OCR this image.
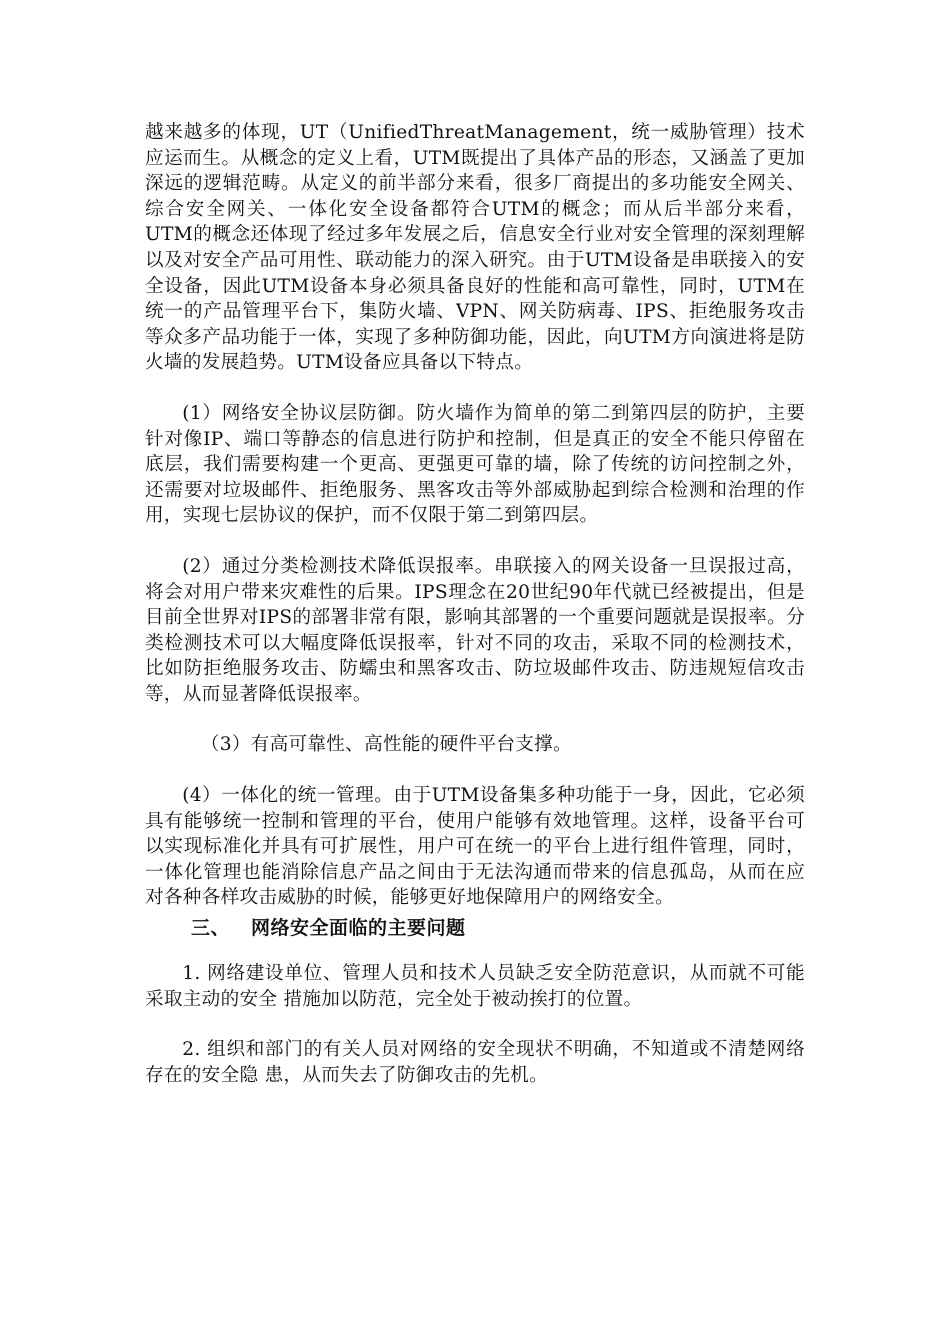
越来越多的体现，UT（UnifiedThreatManagement，统一威胁管理）技术应运而生。从概念的定义上看，UTM既提出了具体产品的形态，又涵盖了更加深远的逻辑范畴。从定义的前半部分来看，很多厂商提出的多功能安全网关、综合安全网关、一体化安全设备都符合UTM的概念；而从后半部分来看，UTM的概念还体现了经过多年发展之后，信息安全行业对安全管理的深刻理解以及对安全产品可用性、联动能力的深入研究。由于UTM设备是串联接入的安全设备，因此UTM设备本身必须具备良好的性能和高可靠性，同时，UTM在统一的产品管理平台下，集防火墙、VPN、网关防病毒、IPS、拒绝服务攻击等众多产品功能于一体，实现了多种防御功能，因此，向UTM方向演进将是防火墙的发展趋势。UTM设备应具备以下特点。

(1）网络安全协议层防御。防火墙作为简单的第二到第四层的防护，主要针对像IP、端口等静态的信息进行防护和控制，但是真正的安全不能只停留在底层，我们需要构建一个更高、更强更可靠的墙，除了传统的访问控制之外，还需要对垃圾邮件、拒绝服务、黑客攻击等外部威胁起到综合检测和治理的作用，实现七层协议的保护，而不仅限于第二到第四层。

(2）通过分类检测技术降低误报率。串联接入的网关设备一旦误报过高，将会对用户带来灾难性的后果。IPS理念在20世纪90年代就已经被提出，但是目前全世界对IPS的部署非常有限，影响其部署的一个重要问题就是误报率。分类检测技术可以大幅度降低误报率，针对不同的攻击，采取不同的检测技术，比如防拒绝服务攻击、防蠕虫和黑客攻击、防垃圾邮件攻击、防违规短信攻击等，从而显著降低误报率。

（3）有高可靠性、高性能的硬件平台支撑。

(4）一体化的统一管理。由于UTM设备集多种功能于一身，因此，它必须具有能够统一控制和管理的平台，使用户能够有效地管理。这样，设备平台可以实现标准化并具有可扩展性，用户可在统一的平台上进行组件管理，同时，一体化管理也能消除信息产品之间由于无法沟通而带来的信息孤岛，从而在应对各种各样攻击威胁的时候，能够更好地保障用户的网络安全。

三、 网络安全面临的主要问题

1. 网络建设单位、管理人员和技术人员缺乏安全防范意识，从而就不可能采取主动的安全 措施加以防范，完全处于被动挨打的位置。

2. 组织和部门的有关人员对网络的安全现状不明确，不知道或不清楚网络存在的安全隐 患，从而失去了防御攻击的先机。
